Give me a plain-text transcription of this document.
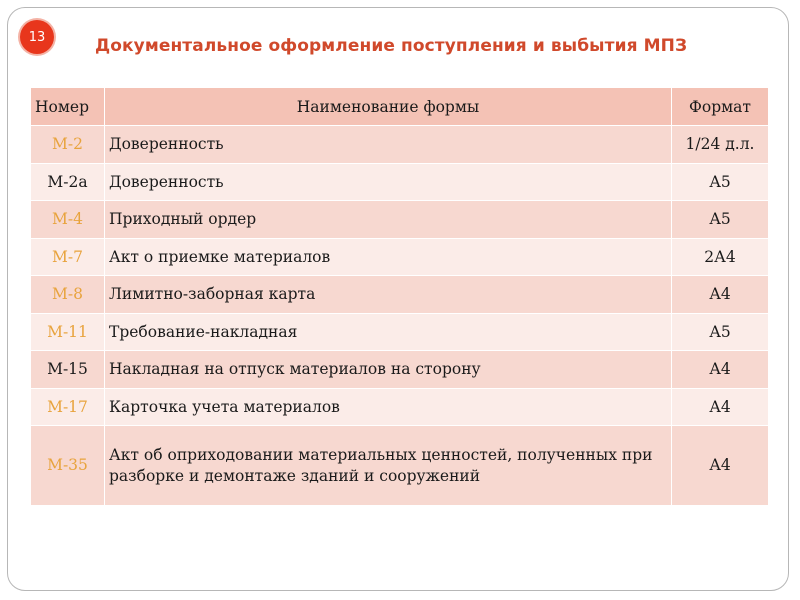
13	Документальное оформление поступления и выбытия МПЗ
Номер	Наименование формы	Формат
М-2	Доверенность	1/24 д.л.
М-2а	Доверенность	А5
М-4	Приходный ордер	А5
М-7	Акт о приемке материалов	2А4
М-8	Лимитно-заборная карта	А4
М-11	Требование-накладная	А5
М-15	Накладная на отпуск материалов на сторону	А4
М-17	Карточка учета материалов	А4
М-35	Акт об оприходовании материальных ценностей, полученных при разборке и демонтаже зданий и сооружений	А4
